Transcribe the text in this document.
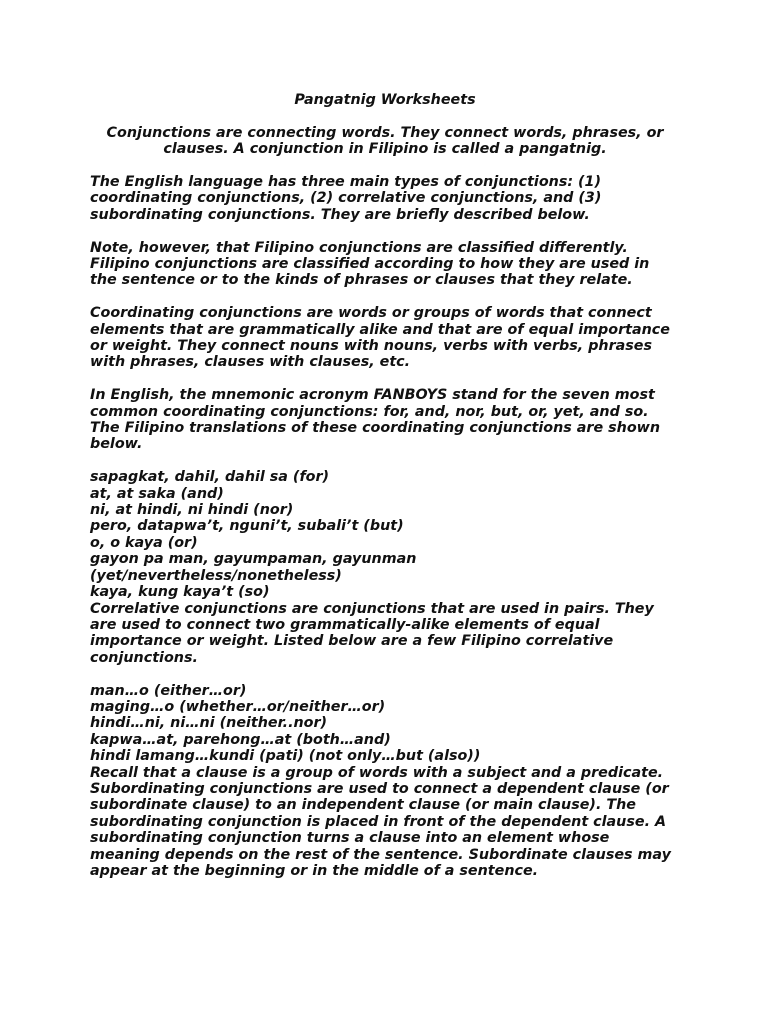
Pangatnig Worksheets

Conjunctions are connecting words. They connect words, phrases, or clauses. A conjunction in Filipino is called a pangatnig.

The English language has three main types of conjunctions: (1) coordinating conjunctions, (2) correlative conjunctions, and (3) subordinating conjunctions. They are briefly described below.

Note, however, that Filipino conjunctions are classified differently. Filipino conjunctions are classified according to how they are used in the sentence or to the kinds of phrases or clauses that they relate.

Coordinating conjunctions are words or groups of words that connect elements that are grammatically alike and that are of equal importance or weight. They connect nouns with nouns, verbs with verbs, phrases with phrases, clauses with clauses, etc.

In English, the mnemonic acronym FANBOYS stand for the seven most common coordinating conjunctions: for, and, nor, but, or, yet, and so. The Filipino translations of these coordinating conjunctions are shown below.

sapagkat, dahil, dahil sa (for)
at, at saka (and)
ni, at hindi, ni hindi (nor)
pero, datapwa’t, nguni’t, subali’t (but)
o, o kaya (or)
gayon pa man, gayumpaman, gayunman
(yet/nevertheless/nonetheless)
kaya, kung kaya’t (so)

Correlative conjunctions are conjunctions that are used in pairs. They are used to connect two grammatically-alike elements of equal importance or weight. Listed below are a few Filipino correlative conjunctions.

man…o (either…or)
maging…o (whether…or/neither…or)
hindi…ni, ni…ni (neither..nor)
kapwa…at, parehong…at (both…and)
hindi lamang…kundi (pati) (not only…but (also))

Recall that a clause is a group of words with a subject and a predicate. Subordinating conjunctions are used to connect a dependent clause (or subordinate clause) to an independent clause (or main clause). The subordinating conjunction is placed in front of the dependent clause. A subordinating conjunction turns a clause into an element whose meaning depends on the rest of the sentence. Subordinate clauses may appear at the beginning or in the middle of a sentence.
